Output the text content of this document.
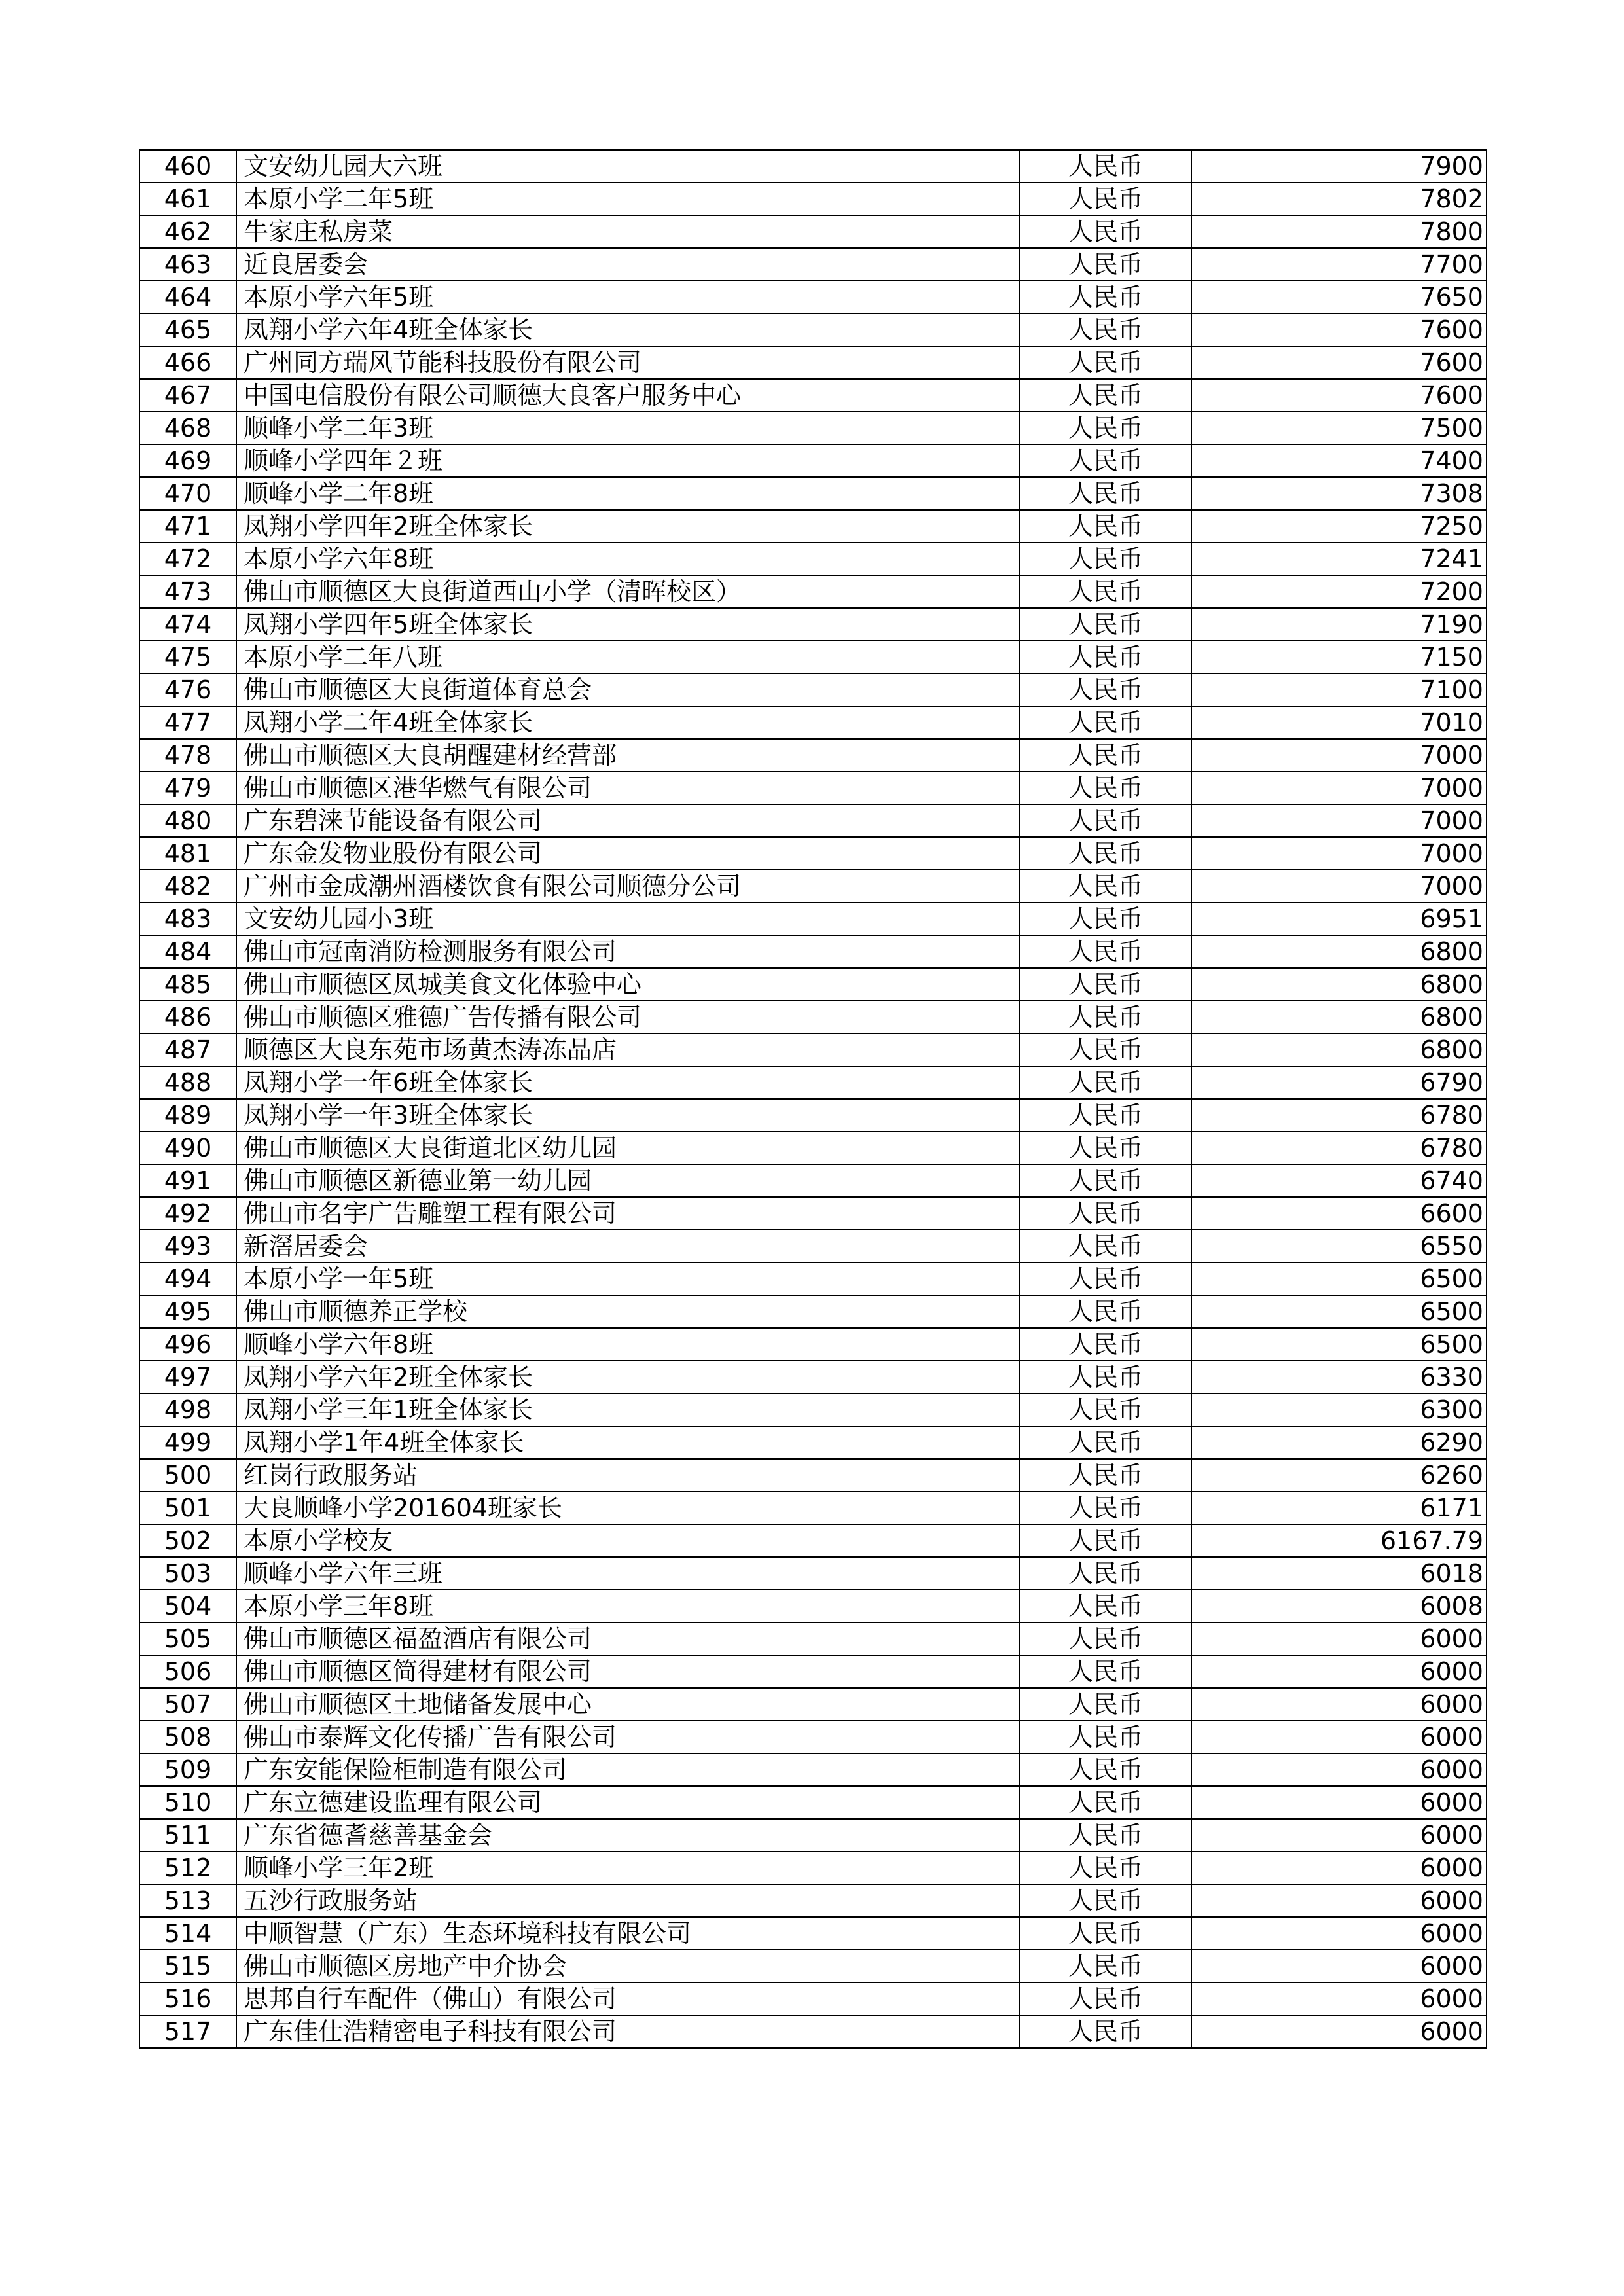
460	文安幼儿园大六班	人民币	7900
461	本原小学二年5班	人民币	7802
462	牛家庄私房菜	人民币	7800
463	近良居委会	人民币	7700
464	本原小学六年5班	人民币	7650
465	凤翔小学六年4班全体家长	人民币	7600
466	广州同方瑞风节能科技股份有限公司	人民币	7600
467	中国电信股份有限公司顺德大良客户服务中心	人民币	7600
468	顺峰小学二年3班	人民币	7500
469	顺峰小学四年２班	人民币	7400
470	顺峰小学二年8班	人民币	7308
471	凤翔小学四年2班全体家长	人民币	7250
472	本原小学六年8班	人民币	7241
473	佛山市顺德区大良街道西山小学（清晖校区）	人民币	7200
474	凤翔小学四年5班全体家长	人民币	7190
475	本原小学二年八班	人民币	7150
476	佛山市顺德区大良街道体育总会	人民币	7100
477	凤翔小学二年4班全体家长	人民币	7010
478	佛山市顺德区大良胡醒建材经营部	人民币	7000
479	佛山市顺德区港华燃气有限公司	人民币	7000
480	广东碧涞节能设备有限公司	人民币	7000
481	广东金发物业股份有限公司	人民币	7000
482	广州市金成潮州酒楼饮食有限公司顺德分公司	人民币	7000
483	文安幼儿园小3班	人民币	6951
484	佛山市冠南消防检测服务有限公司	人民币	6800
485	佛山市顺德区凤城美食文化体验中心	人民币	6800
486	佛山市顺德区雅德广告传播有限公司	人民币	6800
487	顺德区大良东苑市场黄杰涛冻品店	人民币	6800
488	凤翔小学一年6班全体家长	人民币	6790
489	凤翔小学一年3班全体家长	人民币	6780
490	佛山市顺德区大良街道北区幼儿园	人民币	6780
491	佛山市顺德区新德业第一幼儿园	人民币	6740
492	佛山市名宇广告雕塑工程有限公司	人民币	6600
493	新滘居委会	人民币	6550
494	本原小学一年5班	人民币	6500
495	佛山市顺德养正学校	人民币	6500
496	顺峰小学六年8班	人民币	6500
497	凤翔小学六年2班全体家长	人民币	6330
498	凤翔小学三年1班全体家长	人民币	6300
499	凤翔小学1年4班全体家长	人民币	6290
500	红岗行政服务站	人民币	6260
501	大良顺峰小学201604班家长	人民币	6171
502	本原小学校友	人民币	6167.79
503	顺峰小学六年三班	人民币	6018
504	本原小学三年8班	人民币	6008
505	佛山市顺德区福盈酒店有限公司	人民币	6000
506	佛山市顺德区简得建材有限公司	人民币	6000
507	佛山市顺德区土地储备发展中心	人民币	6000
508	佛山市泰辉文化传播广告有限公司	人民币	6000
509	广东安能保险柜制造有限公司	人民币	6000
510	广东立德建设监理有限公司	人民币	6000
511	广东省德耆慈善基金会	人民币	6000
512	顺峰小学三年2班	人民币	6000
513	五沙行政服务站	人民币	6000
514	中顺智慧（广东）生态环境科技有限公司	人民币	6000
515	佛山市顺德区房地产中介协会	人民币	6000
516	思邦自行车配件（佛山）有限公司	人民币	6000
517	广东佳仕浩精密电子科技有限公司	人民币	6000
